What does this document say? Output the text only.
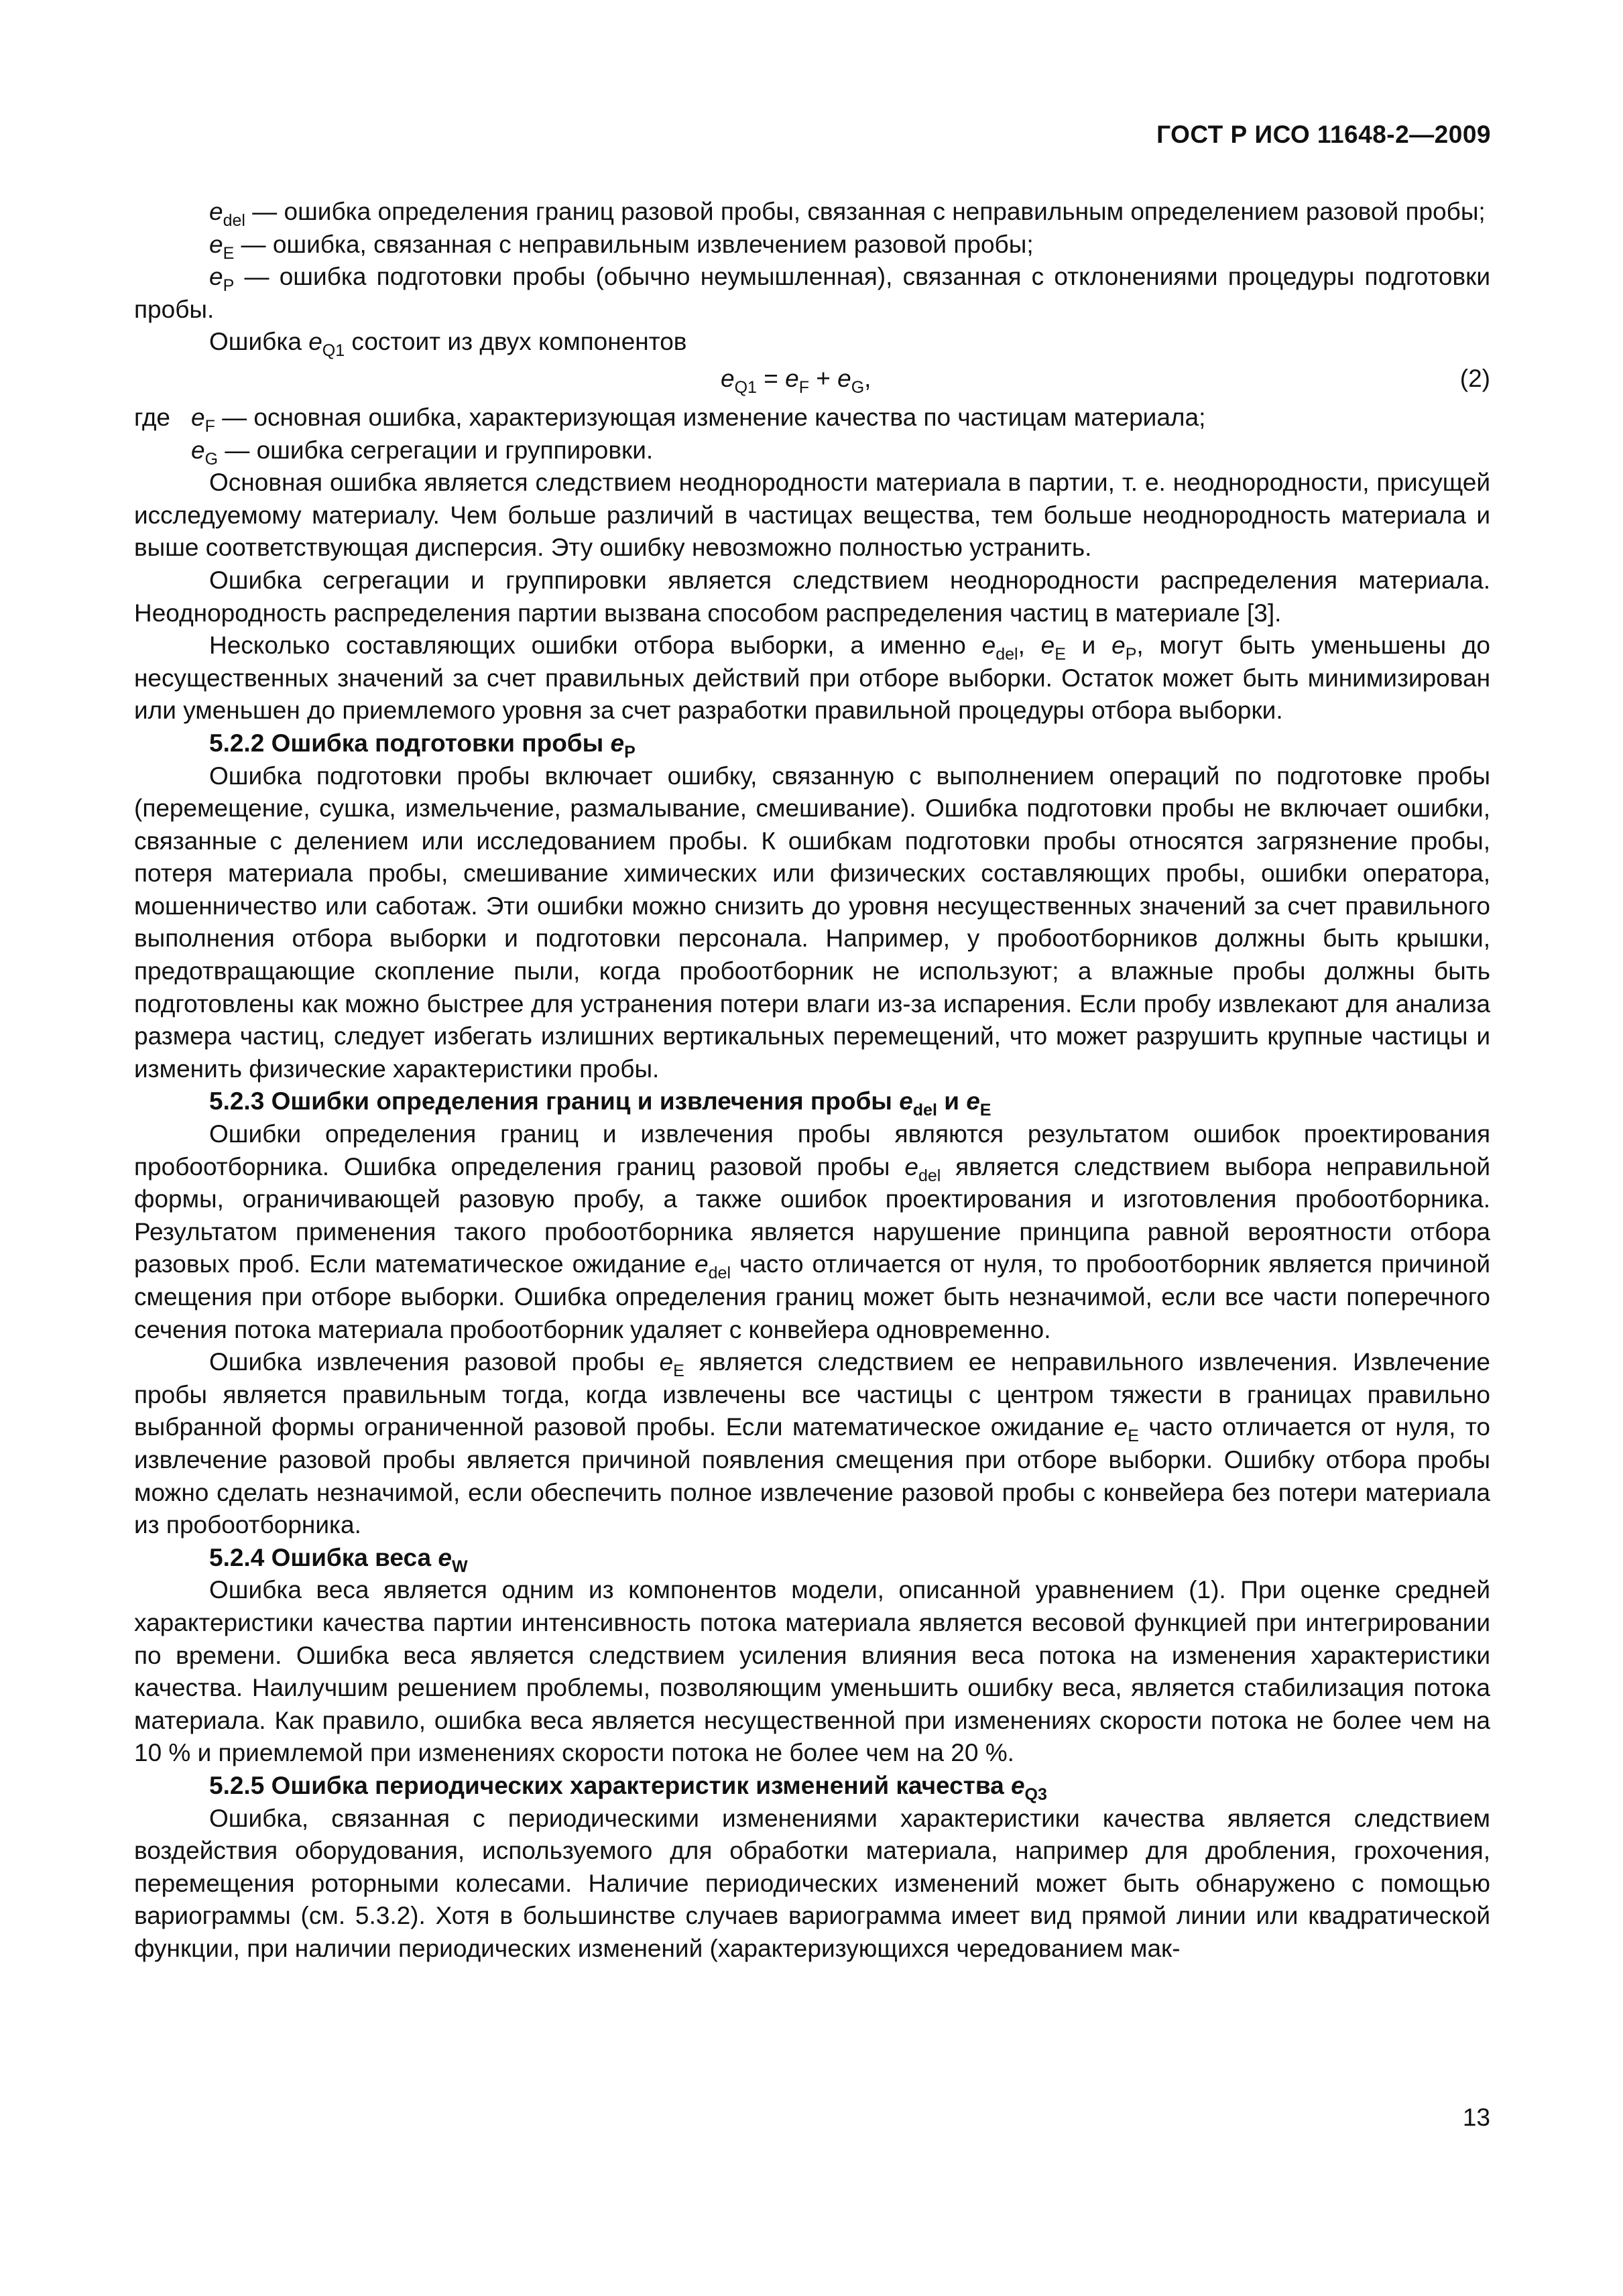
ГОСТ Р ИСО 11648-2—2009

$e_{del}$ — ошибка определения границ разовой пробы, связанная с неправильным определением разовой пробы;

$e_E$ — ошибка, связанная с неправильным извлечением разовой пробы;

$e_P$ — ошибка подготовки пробы (обычно неумышленная), связанная с отклонениями процедуры подготовки пробы.

Ошибка $e_{Q1}$ состоит из двух компонентов

$e_{Q1} = e_F + e_G$,	(2)
где $e_F$ — основная ошибка, характеризующая изменение качества по частицам материала;
$e_G$ — ошибка сегрегации и группировки.

Основная ошибка является следствием неоднородности материала в партии, т. е. неоднородности, присущей исследуемому материалу. Чем больше различий в частицах вещества, тем больше неоднородность материала и выше соответствующая дисперсия. Эту ошибку невозможно полностью устранить.

Ошибка сегрегации и группировки является следствием неоднородности распределения материала. Неоднородность распределения партии вызвана способом распределения частиц в материале [3].

Несколько составляющих ошибки отбора выборки, а именно $e_{del}$, $e_E$ и $e_P$, могут быть уменьшены до несущественных значений за счет правильных действий при отборе выборки. Остаток может быть минимизирован или уменьшен до приемлемого уровня за счет разработки правильной процедуры отбора выборки.

5.2.2 Ошибка подготовки пробы $e_P$

Ошибка подготовки пробы включает ошибку, связанную с выполнением операций по подготовке пробы (перемещение, сушка, измельчение, размалывание, смешивание). Ошибка подготовки пробы не включает ошибки, связанные с делением или исследованием пробы. К ошибкам подготовки пробы относятся загрязнение пробы, потеря материала пробы, смешивание химических или физических составляющих пробы, ошибки оператора, мошенничество или саботаж. Эти ошибки можно снизить до уровня несущественных значений за счет правильного выполнения отбора выборки и подготовки персонала. Например, у пробоотборников должны быть крышки, предотвращающие скопление пыли, когда пробоотборник не используют; а влажные пробы должны быть подготовлены как можно быстрее для устранения потери влаги из-за испарения. Если пробу извлекают для анализа размера частиц, следует избегать излишних вертикальных перемещений, что может разрушить крупные частицы и изменить физические характеристики пробы.

5.2.3 Ошибки определения границ и извлечения пробы $e_{del}$ и $e_E$

Ошибки определения границ и извлечения пробы являются результатом ошибок проектирования пробоотборника. Ошибка определения границ разовой пробы $e_{del}$ является следствием выбора неправильной формы, ограничивающей разовую пробу, а также ошибок проектирования и изготовления пробоотборника. Результатом применения такого пробоотборника является нарушение принципа равной вероятности отбора разовых проб. Если математическое ожидание $e_{del}$ часто отличается от нуля, то пробоотборник является причиной смещения при отборе выборки. Ошибка определения границ может быть незначимой, если все части поперечного сечения потока материала пробоотборник удаляет с конвейера одновременно.

Ошибка извлечения разовой пробы $e_E$ является следствием ее неправильного извлечения. Извлечение пробы является правильным тогда, когда извлечены все частицы с центром тяжести в границах правильно выбранной формы ограниченной разовой пробы. Если математическое ожидание $e_E$ часто отличается от нуля, то извлечение разовой пробы является причиной появления смещения при отборе выборки. Ошибку отбора пробы можно сделать незначимой, если обеспечить полное извлечение разовой пробы с конвейера без потери материала из пробоотборника.

5.2.4 Ошибка веса $e_W$

Ошибка веса является одним из компонентов модели, описанной уравнением (1). При оценке средней характеристики качества партии интенсивность потока материала является весовой функцией при интегрировании по времени. Ошибка веса является следствием усиления влияния веса потока на изменения характеристики качества. Наилучшим решением проблемы, позволяющим уменьшить ошибку веса, является стабилизация потока материала. Как правило, ошибка веса является несущественной при изменениях скорости потока не более чем на 10 % и приемлемой при изменениях скорости потока не более чем на 20 %.

5.2.5 Ошибка периодических характеристик изменений качества $e_{Q3}$

Ошибка, связанная с периодическими изменениями характеристики качества является следствием воздействия оборудования, используемого для обработки материала, например для дробления, грохочения, перемещения роторными колесами. Наличие периодических изменений может быть обнаружено с помощью вариограммы (см. 5.3.2). Хотя в большинстве случаев вариограмма имеет вид прямой линии или квадратической функции, при наличии периодических изменений (характеризующихся чередованием мак-

13
